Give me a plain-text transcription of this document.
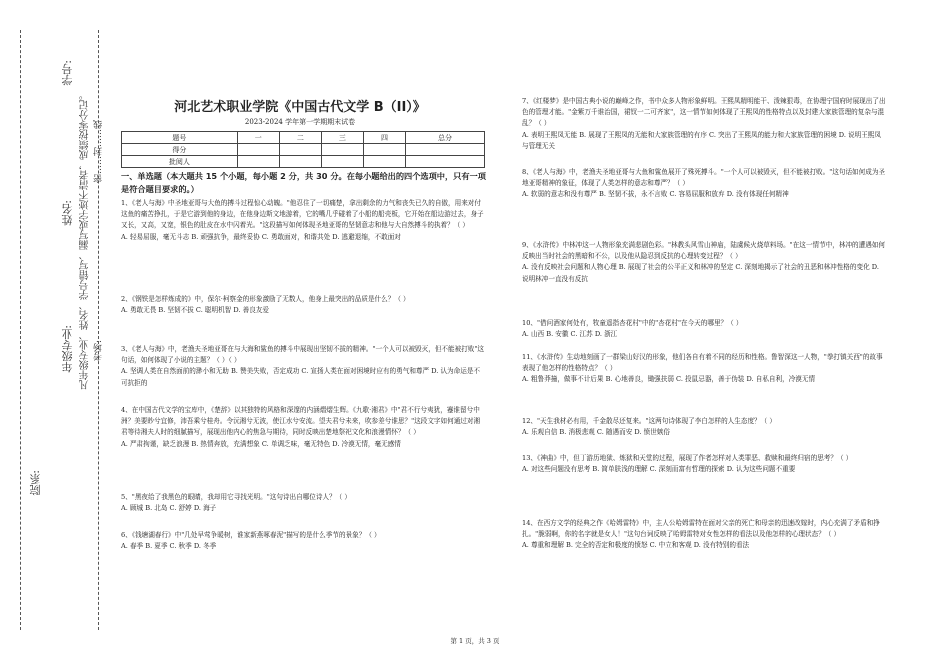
学号:
姓名:
年级专业:
院系:
凡年级专业、姓名、学号错写、漏写或字迹不清者，成绩按零分记。 密……封……线
考场:
河北艺术职业学院《中国古代文学 B（II）》
2023-2024 学年第一学期期末试卷
题号	一	二	三	四	总分
得分					
批阅人					
一、单选题（本大题共 15 个小题，每小题 2 分，共 30 分。在每小题给出的四个选项中，只有一项是符合题目要求的。）
1、《老人与海》中圣地亚哥与大鱼的搏斗过程惊心动魄。"他忍住了一切痛楚，拿出剩余的力气和丧失已久的自傲，用来对付这鱼的痛苦挣扎，于是它游到他的身边，在他身边斯文地游着，它的嘴几乎碰着了小船的船壳板，它开始在船边游过去，身子又长，又高，又宽，银色的肚皮在水中闪着光。"这段描写如何体现圣地亚哥的坚韧意志和他与大自然搏斗的执着？（ ）
A. 轻易屈服，毫无斗志 B. 顽强抗争，最终妥协 C. 勇敢面对，和谐共处 D. 逃避退缩，不敢面对
2、《钢铁是怎样炼成的》中，保尔·柯察金的形象激励了无数人，他身上最突出的品质是什么？（ ）
A. 勇敢无畏 B. 坚韧不拔 C. 聪明机智 D. 善良友爱
3、《老人与海》中，老渔夫圣地亚哥在与大海和鲨鱼的搏斗中展现出坚韧不拔的精神。"一个人可以被毁灭，但不能被打败"这句话，如何体现了小说的主题？（ ）（ ）
A. 坚调人类在自然面前的渺小和无助 B. 赞美失败，否定成功 C. 宣扬人类在面对困境时应有的勇气和尊严 D. 认为命运是不可抗拒的
4、在中国古代文学的宝库中，《楚辞》以其独特的风格和深邃的内涵熠熠生辉。《九歌·湘君》中"君不行兮夷犹，蹇谁留兮中洲？美要眇兮宜修，沛吾乘兮桂舟。令沅湘兮无波，使江水兮安流。望夫君兮未来，吹参差兮谁思？"这段文字如何通过对湘君等待湘夫人时的细腻描写，展现出他内心的焦急与期待，同时反映出楚地祭祀文化和浪漫情怀？（ ）
A. 严肃拘谨，缺乏浪漫 B. 热情奔放，充满想象 C. 单调乏味，毫无特色 D. 冷漠无情，毫无感情
5、"黑夜给了我黑色的眼睛，我却用它寻找光明。"这句诗出自哪位诗人？（ ）
A. 顾城 B. 北岛 C. 舒婷 D. 海子
6、《钱塘湖春行》中"几处早莺争暖树，谁家新燕啄春泥"描写的是什么季节的景象？（ ）
A. 春季 B. 夏季 C. 秋季 D. 冬季
7、《红楼梦》是中国古典小说的巅峰之作，书中众多人物形象鲜明。王熙凤精明能干、泼辣狠毒，在协理宁国府时展现出了出色的管理才能。"金紫万千谁治国，裙钗一二可齐家"，这一情节如何体现了王熙凤的性格特点以及封建大家族管理的复杂与混乱？（ ）
A. 表明王熙凤无能 B. 展现了王熙凤的无能和大家族管理的有序 C. 突出了王熙凤的能力和大家族管理的困境 D. 说明王熙凤与管理无关
8、《老人与海》中，老渔夫圣地亚哥与大鱼和鲨鱼展开了殊死搏斗。"一个人可以被毁灭，但不能被打败。"这句话如何成为圣地亚哥精神的象征，体现了人类怎样的意志和尊严？（ ）
A. 软弱的意志和没有尊严 B. 坚韧不拔，永不言败 C. 容易屈服和放弃 D. 没有体现任何精神
9、《水浒传》中林冲这一人物形象充满悲剧色彩。"林教头风雪山神庙，陆虞候火烧草料场。"在这一情节中，林冲的遭遇如何反映出当时社会的黑暗和不公，以及他从隐忍到反抗的心理转变过程？（ ）
A. 没有反映社会问题和人物心理 B. 展现了社会的公平正义和林冲的坚定 C. 深刻地揭示了社会的丑恶和林冲性格的变化 D. 说明林冲一直没有反抗
10、"借问酒家何处有，牧童遥指杏花村"中的"杏花村"在今天的哪里？（ ）
A. 山西 B. 安徽 C. 江苏 D. 浙江
11、《水浒传》生动地刻画了一群梁山好汉的形象，他们各自有着不同的经历和性格。鲁智深这一人物，"拳打镇关西"的故事表现了他怎样的性格特点？（ ）
A. 粗鲁莽撞，做事不计后果 B. 心地善良，锄强扶弱 C. 投鼠忌器，善于伪装 D. 自私自利，冷漠无情
12、"天生我材必有用，千金散尽还复来。"这两句诗体现了李白怎样的人生态度？（ ）
A. 乐观自信 B. 消极悲观 C. 随遇而安 D. 愤世嫉俗
13、《神曲》中，但丁游历地狱、炼狱和天堂的过程，展现了作者怎样对人类罪恶、救赎和最终归宿的思考？（ ）
A. 对这些问题没有思考 B. 简单肤浅的理解 C. 深刻而富有哲理的探索 D. 认为这些问题不重要
14、在西方文学的经典之作《哈姆雷特》中，主人公哈姆雷特在面对父亲的死亡和母亲的迅速改嫁时，内心充满了矛盾和挣扎。"脆弱啊，你的名字就是女人！"这句台词反映了哈姆雷特对女性怎样的看法以及他怎样的心理状态？（ ）
A. 尊重和理解 B. 完全的否定和极度的愤怒 C. 中立和客观 D. 没有特别的看法
第 1 页，共 3 页
